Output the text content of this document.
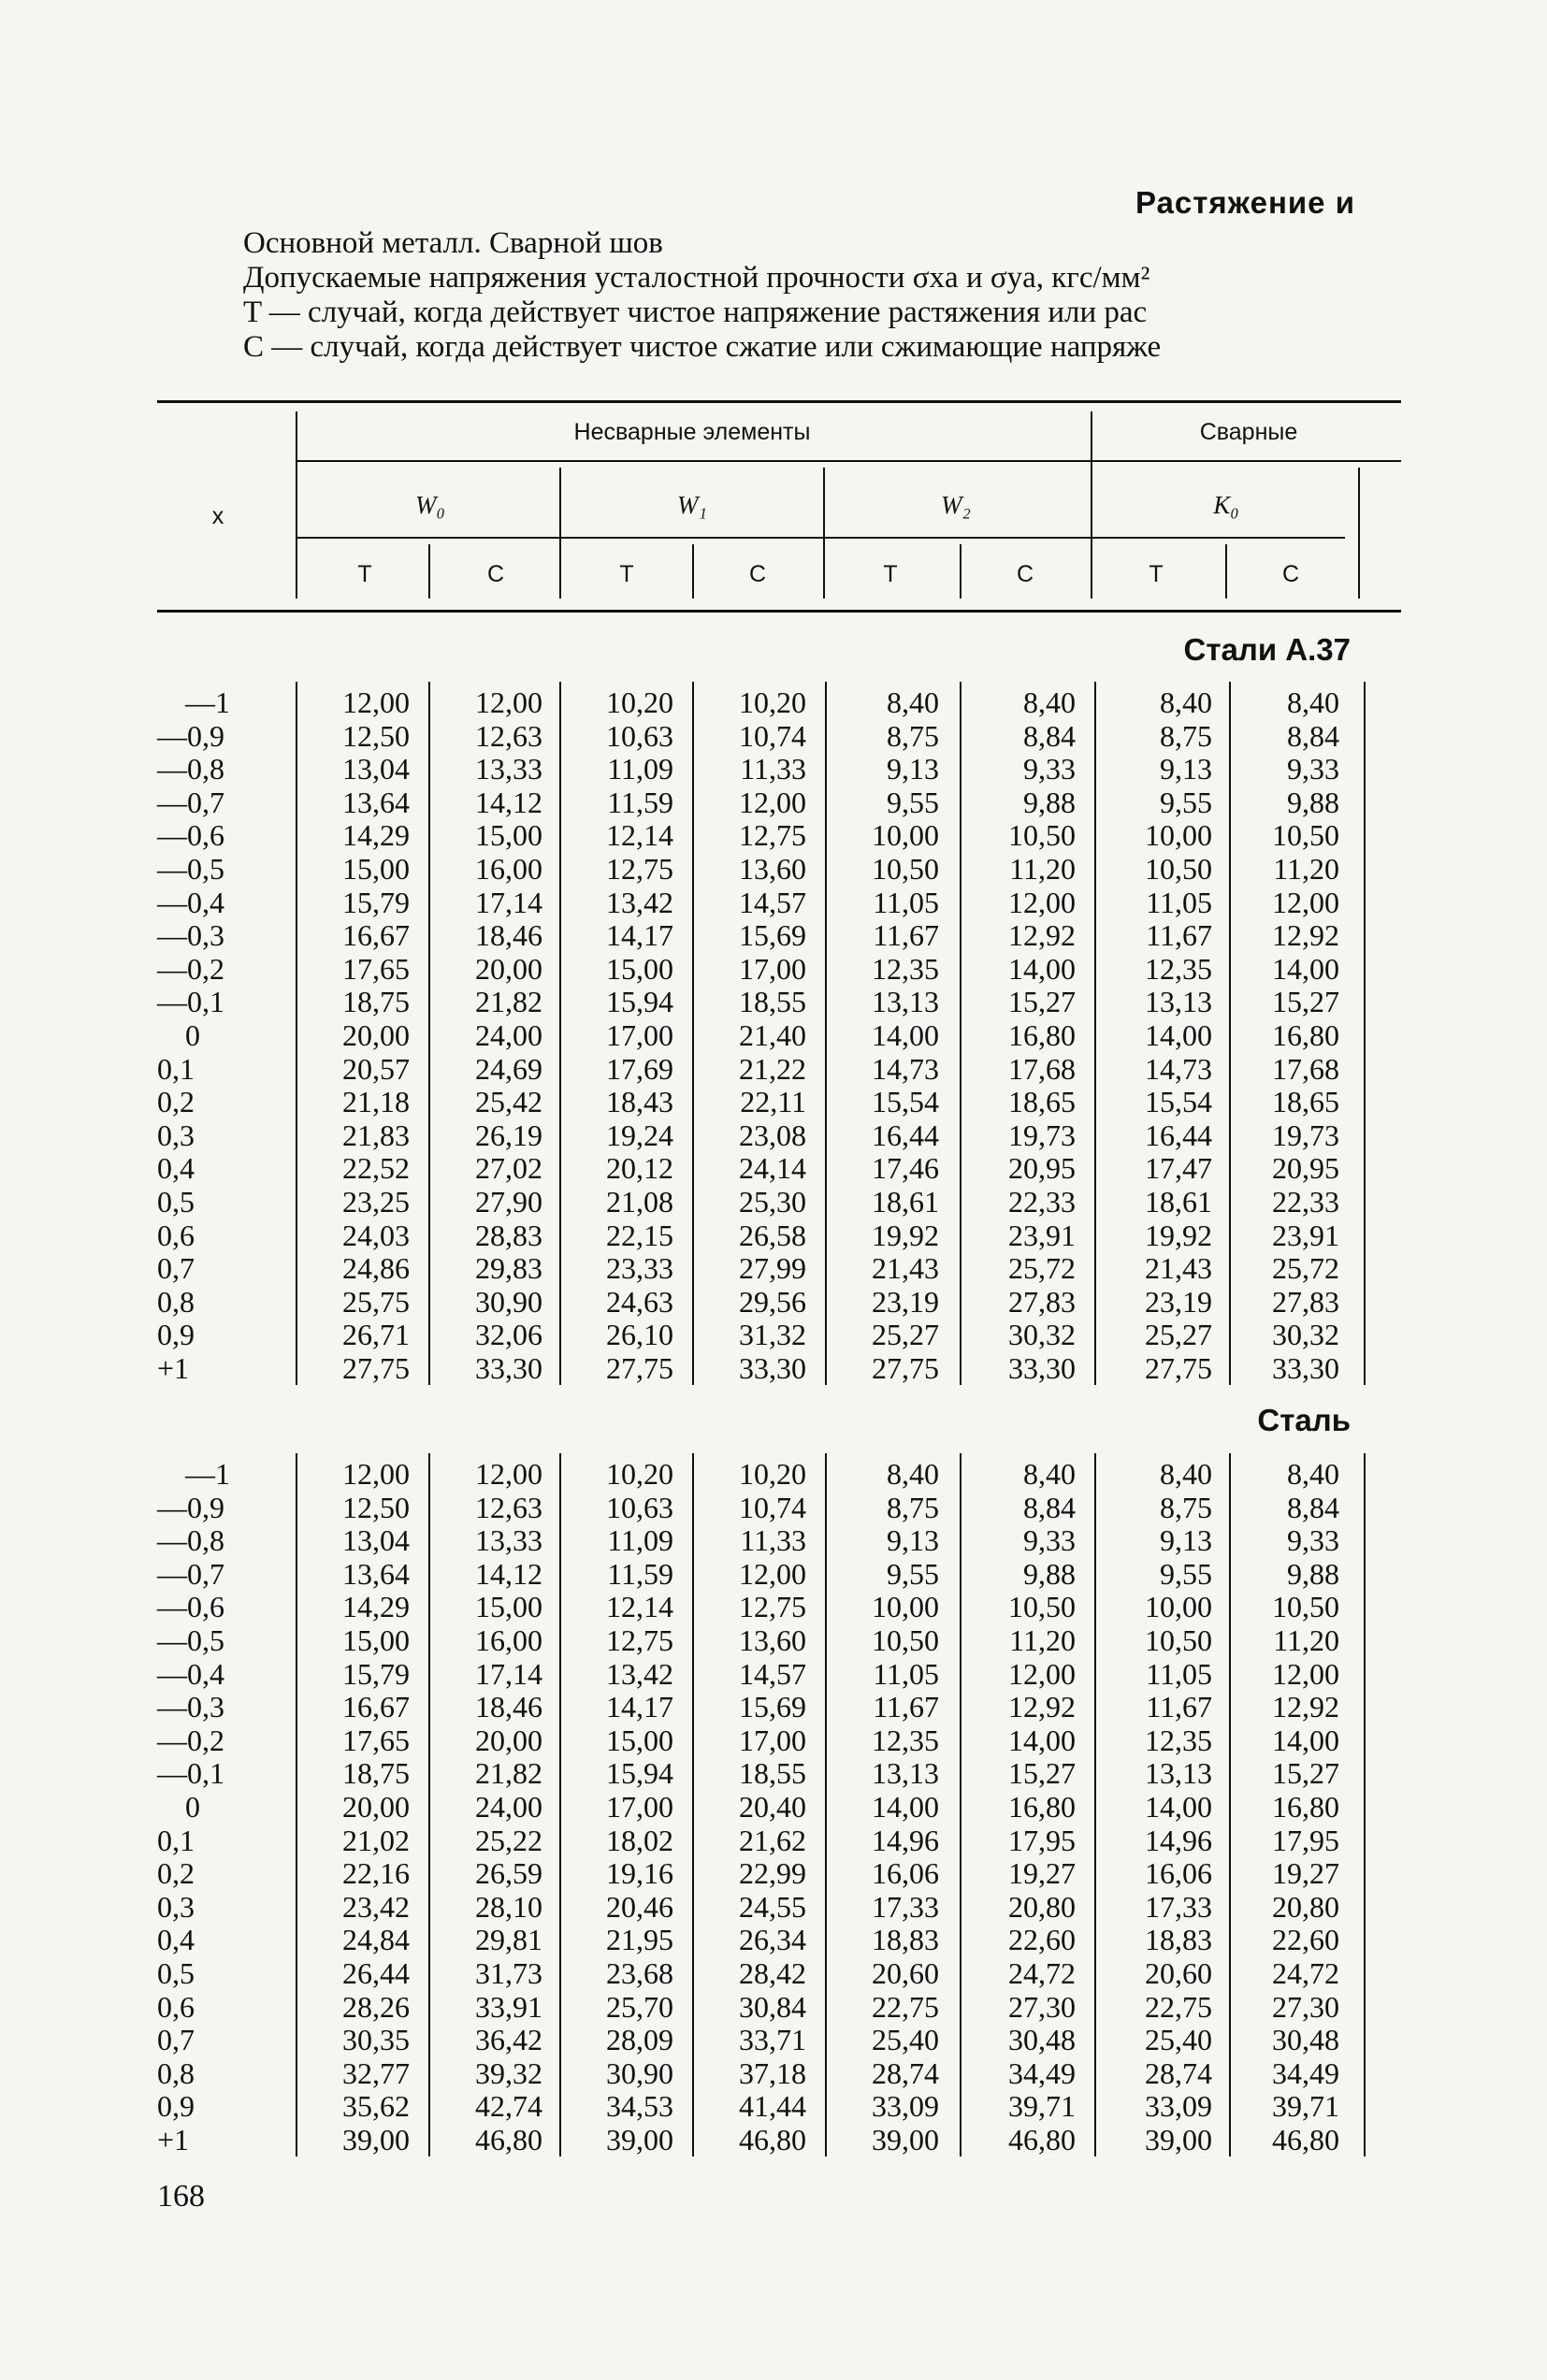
Растяжение и
Основной металл. Сварной шов
Допускаемые напряжения усталостной прочности σxa и σya, кгс/мм²
T — случай, когда действует чистое напряжение растяжения или рас
C — случай, когда действует чистое сжатие или сжимающие напряже
x
Несварные элементы	Сварные
W₀	W₁	W₂	K₀
T	C	T	C	T	C	T	C
Стали А.37
—1	12,00 12,00 10,20 10,20	8,40	8,40	8,40	8,40
—0,9	12,50 12,63 10,63 10,74	8,75	8,84	8,75	8,84
—0,8	13,04 13,33 11,09 11,33	9,13	9,33	9,13	9,33
—0,7	13,64 14,12 11,59 12,00	9,55	9,88	9,55	9,88
—0,6	14,29 15,00 12,14 12,75 10,00 10,50 10,00 10,50
—0,5	15,00 16,00 12,75 13,60 10,50 11,20 10,50 11,20
—0,4	15,79 17,14 13,42 14,57 11,05 12,00 11,05 12,00
—0,3	16,67 18,46 14,17 15,69 11,67 12,92 11,67 12,92
—0,2	17,65 20,00 15,00 17,00 12,35 14,00 12,35 14,00
—0,1	18,75 21,82 15,94 18,55 13,13 15,27 13,13 15,27
0	20,00 24,00 17,00 21,40 14,00 16,80 14,00 16,80
0,1	20,57 24,69 17,69 21,22 14,73 17,68 14,73 17,68
0,2	21,18 25,42 18,43 22,11 15,54 18,65 15,54 18,65
0,3	21,83 26,19 19,24 23,08 16,44 19,73 16,44 19,73
0,4	22,52 27,02 20,12 24,14 17,46 20,95 17,47 20,95
0,5	23,25 27,90 21,08 25,30 18,61 22,33 18,61 22,33
0,6	24,03 28,83 22,15 26,58 19,92 23,91 19,92 23,91
0,7	24,86 29,83 23,33 27,99 21,43 25,72 21,43 25,72
0,8	25,75 30,90 24,63 29,56 23,19 27,83 23,19 27,83
0,9	26,71 32,06 26,10 31,32 25,27 30,32 25,27 30,32
+1	27,75 33,30 27,75 33,30 27,75 33,30 27,75 33,30
Сталь
—1	12,00 12,00 10,20 10,20	8,40	8,40	8,40	8,40
—0,9	12,50 12,63 10,63 10,74	8,75	8,84	8,75	8,84
—0,8	13,04 13,33 11,09 11,33	9,13	9,33	9,13	9,33
—0,7	13,64 14,12 11,59 12,00	9,55	9,88	9,55	9,88
—0,6	14,29 15,00 12,14 12,75 10,00 10,50 10,00 10,50
—0,5	15,00 16,00 12,75 13,60 10,50 11,20 10,50 11,20
—0,4	15,79 17,14 13,42 14,57 11,05 12,00 11,05 12,00
—0,3	16,67 18,46 14,17 15,69 11,67 12,92 11,67 12,92
—0,2	17,65 20,00 15,00 17,00 12,35 14,00 12,35 14,00
—0,1	18,75 21,82 15,94 18,55 13,13 15,27 13,13 15,27
0	20,00 24,00 17,00 20,40 14,00 16,80 14,00 16,80
0,1	21,02 25,22 18,02 21,62 14,96 17,95 14,96 17,95
0,2	22,16 26,59 19,16 22,99 16,06 19,27 16,06 19,27
0,3	23,42 28,10 20,46 24,55 17,33 20,80 17,33 20,80
0,4	24,84 29,81 21,95 26,34 18,83 22,60 18,83 22,60
0,5	26,44 31,73 23,68 28,42 20,60 24,72 20,60 24,72
0,6	28,26 33,91 25,70 30,84 22,75 27,30 22,75 27,30
0,7	30,35 36,42 28,09 33,71 25,40 30,48 25,40 30,48
0,8	32,77 39,32 30,90 37,18 28,74 34,49 28,74 34,49
0,9	35,62 42,74 34,53 41,44 33,09 39,71 33,09 39,71
+1	39,00 46,80 39,00 46,80 39,00 46,80 39,00 46,80
168
